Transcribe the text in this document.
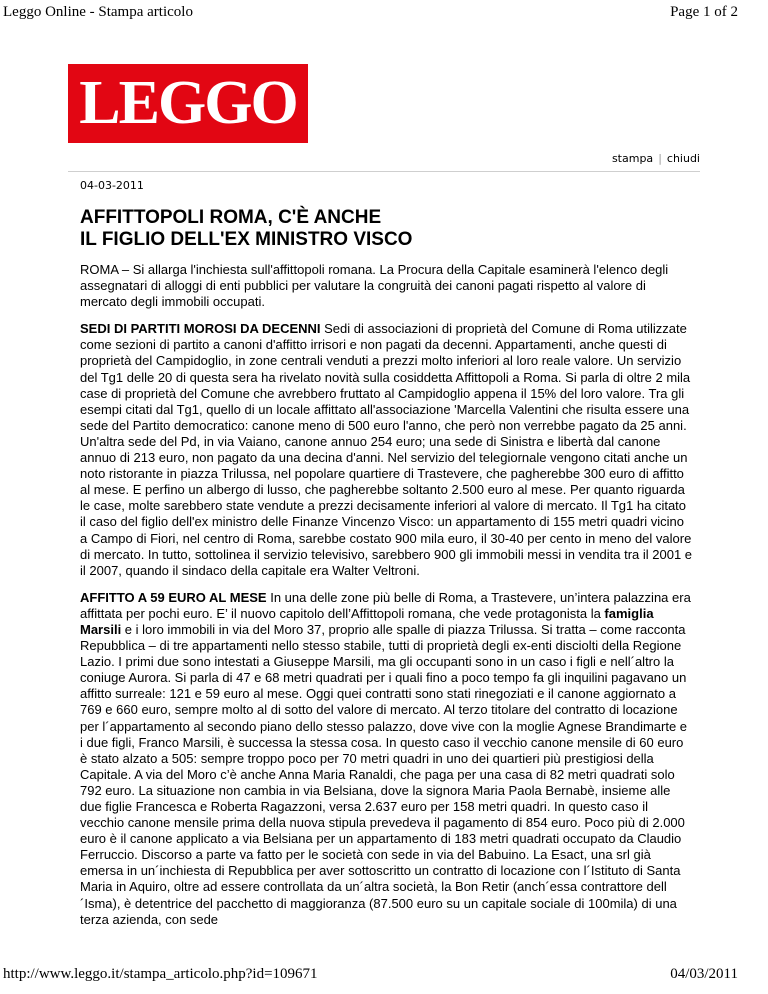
Leggo Online - Stampa articolo	Page 1 of 2
LEGGO
stampa | chiudi
04-03-2011
AFFITTOPOLI ROMA, C'È ANCHE
IL FIGLIO DELL'EX MINISTRO VISCO

ROMA – Si allarga l'inchiesta sull'affittopoli romana. La Procura della Capitale esaminerà l'elenco degli assegnatari di alloggi di enti pubblici per valutare la congruità dei canoni pagati rispetto al valore di mercato degli immobili occupati.

SEDI DI PARTITI MOROSI DA DECENNI Sedi di associazioni di proprietà del Comune di Roma utilizzate come sezioni di partito a canoni d'affitto irrisori e non pagati da decenni. Appartamenti, anche questi di proprietà del Campidoglio, in zone centrali venduti a prezzi molto inferiori al loro reale valore. Un servizio del Tg1 delle 20 di questa sera ha rivelato novità sulla cosiddetta Affittopoli a Roma. Si parla di oltre 2 mila case di proprietà del Comune che avrebbero fruttato al Campidoglio appena il 15% del loro valore. Tra gli esempi citati dal Tg1, quello di un locale affittato all'associazione 'Marcella Valentini che risulta essere una sede del Partito democratico: canone meno di 500 euro l'anno, che però non verrebbe pagato da 25 anni. Un'altra sede del Pd, in via Vaiano, canone annuo 254 euro; una sede di Sinistra e libertà dal canone annuo di 213 euro, non pagato da una decina d'anni. Nel servizio del telegiornale vengono citati anche un noto ristorante in piazza Trilussa, nel popolare quartiere di Trastevere, che pagherebbe 300 euro di affitto al mese. E perfino un albergo di lusso, che pagherebbe soltanto 2.500 euro al mese. Per quanto riguarda le case, molte sarebbero state vendute a prezzi decisamente inferiori al valore di mercato. Il Tg1 ha citato il caso del figlio dell'ex ministro delle Finanze Vincenzo Visco: un appartamento di 155 metri quadri vicino a Campo di Fiori, nel centro di Roma, sarebbe costato 900 mila euro, il 30-40 per cento in meno del valore di mercato. In tutto, sottolinea il servizio televisivo, sarebbero 900 gli immobili messi in vendita tra il 2001 e il 2007, quando il sindaco della capitale era Walter Veltroni.

AFFITTO A 59 EURO AL MESE In una delle zone più belle di Roma, a Trastevere, un’intera palazzina era affittata per pochi euro. E’ il nuovo capitolo dell’Affittopoli romana, che vede protagonista la famiglia Marsili e i loro immobili in via del Moro 37, proprio alle spalle di piazza Trilussa. Si tratta – come racconta Repubblica – di tre appartamenti nello stesso stabile, tutti di proprietà degli ex-enti disciolti della Regione Lazio. I primi due sono intestati a Giuseppe Marsili, ma gli occupanti sono in un caso i figli e nell´altro la coniuge Aurora. Si parla di 47 e 68 metri quadrati per i quali fino a poco tempo fa gli inquilini pagavano un affitto surreale: 121 e 59 euro al mese. Oggi quei contratti sono stati rinegoziati e il canone aggiornato a 769 e 660 euro, sempre molto al di sotto del valore di mercato. Al terzo titolare del contratto di locazione per l´appartamento al secondo piano dello stesso palazzo, dove vive con la moglie Agnese Brandimarte e i due figli, Franco Marsili, è successa la stessa cosa. In questo caso il vecchio canone mensile di 60 euro è stato alzato a 505: sempre troppo poco per 70 metri quadri in uno dei quartieri più prestigiosi della Capitale. A via del Moro c’è anche Anna Maria Ranaldi, che paga per una casa di 82 metri quadrati solo 792 euro. La situazione non cambia in via Belsiana, dove la signora Maria Paola Bernabè, insieme alle due figlie Francesca e Roberta Ragazzoni, versa 2.637 euro per 158 metri quadri. In questo caso il vecchio canone mensile prima della nuova stipula prevedeva il pagamento di 854 euro. Poco più di 2.000 euro è il canone applicato a via Belsiana per un appartamento di 183 metri quadrati occupato da Claudio Ferruccio. Discorso a parte va fatto per le società con sede in via del Babuino. La Esact, una srl già emersa in un´inchiesta di Repubblica per aver sottoscritto un contratto di locazione con l´Istituto di Santa Maria in Aquiro, oltre ad essere controllata da un´altra società, la Bon Retir (anch´essa contrattore dell´Isma), è detentrice del pacchetto di maggioranza (87.500 euro su un capitale sociale di 100mila) di una terza azienda, con sede

http://www.leggo.it/stampa_articolo.php?id=109671	04/03/2011
